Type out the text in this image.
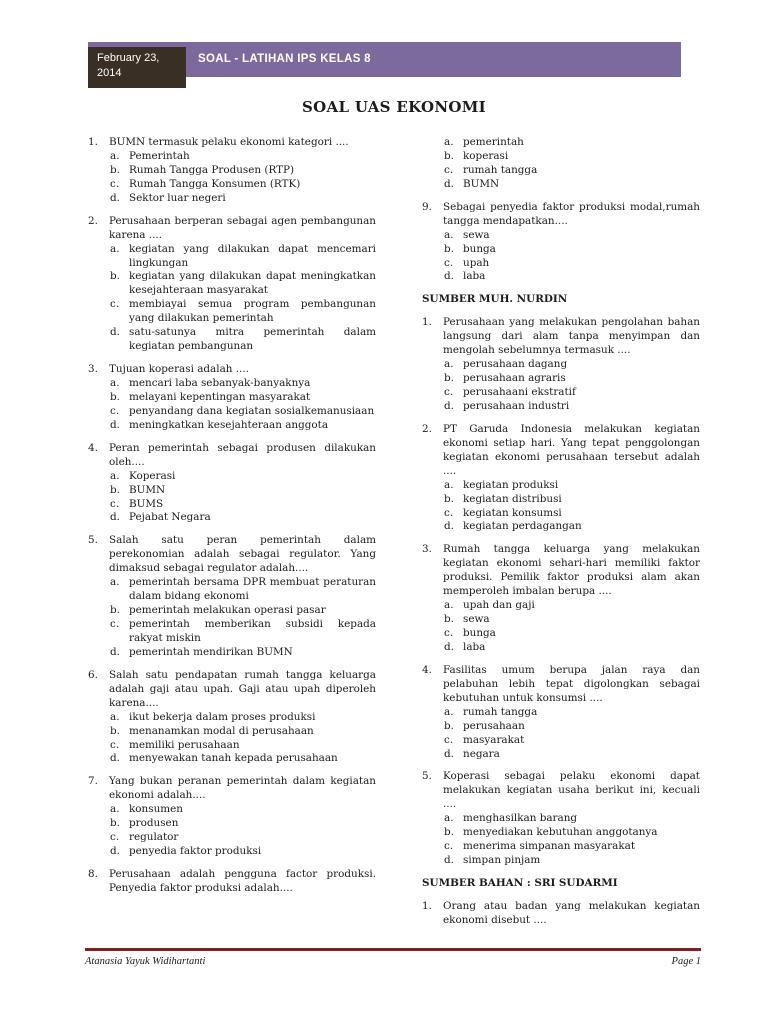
SOAL - LATIHAN IPS KELAS 8
February 23,
2014
SOAL UAS EKONOMI
1.	BUMN termasuk pelaku ekonomi kategori ....
a. Pemerintah
b. Rumah Tangga Produsen (RTP)
c. Rumah Tangga Konsumen (RTK)
d. Sektor luar negeri
2.	Perusahaan berperan sebagai agen pembangunan karena ....
a. kegiatan yang dilakukan dapat mencemari lingkungan
b. kegiatan yang dilakukan dapat meningkatkan kesejahteraan masyarakat
c. membiayai semua program pembangunan yang dilakukan pemerintah
d. satu-satunya mitra pemerintah dalam kegiatan pembangunan
3.	Tujuan koperasi adalah ....
a. mencari laba sebanyak-banyaknya
b. melayani kepentingan masyarakat
c. penyandang dana kegiatan sosialkemanusiaan
d. meningkatkan kesejahteraan anggota
4.	Peran pemerintah sebagai produsen dilakukan oleh....
a. Koperasi
b. BUMN
c. BUMS
d. Pejabat Negara
5.	Salah satu peran pemerintah dalam perekonomian adalah sebagai regulator. Yang dimaksud sebagai regulator adalah....
a. pemerintah bersama DPR membuat peraturan dalam bidang ekonomi
b. pemerintah melakukan operasi pasar
c. pemerintah memberikan subsidi kepada rakyat miskin
d. pemerintah mendirikan BUMN
6.	Salah satu pendapatan rumah tangga keluarga adalah gaji atau upah. Gaji atau upah diperoleh karena....
a. ikut bekerja dalam proses produksi
b. menanamkan modal di perusahaan
c. memiliki perusahaan
d. menyewakan tanah kepada perusahaan
7.	Yang bukan peranan pemerintah dalam kegiatan ekonomi adalah....
a. konsumen
b. produsen
c. regulator
d. penyedia faktor produksi
8.	Perusahaan adalah pengguna factor produksi. Penyedia faktor produksi adalah....
a. pemerintah
b. koperasi
c. rumah tangga
d. BUMN
9.	Sebagai penyedia faktor produksi modal,rumah tangga mendapatkan....
a. sewa
b. bunga
c. upah
d. laba
SUMBER MUH. NURDIN
1.	Perusahaan yang melakukan pengolahan bahan langsung dari alam tanpa menyimpan dan mengolah sebelumnya termasuk ....
a. perusahaan dagang
b. perusahaan agraris
c. perusahaani ekstratif
d. perusahaan industri
2.	PT Garuda Indonesia melakukan kegiatan ekonomi setiap hari. Yang tepat penggolongan kegiatan ekonomi perusahaan tersebut adalah ....
a. kegiatan produksi
b. kegiatan distribusi
c. kegiatan konsumsi
d. kegiatan perdagangan
3.	Rumah tangga keluarga yang melakukan kegiatan ekonomi sehari-hari memiliki faktor produksi. Pemilik faktor produksi alam akan memperoleh imbalan berupa ....
a. upah dan gaji
b. sewa
c. bunga
d. laba
4.	Fasilitas umum berupa jalan raya dan pelabuhan lebih tepat digolongkan sebagai kebutuhan untuk konsumsi ....
a. rumah tangga
b. perusahaan
c. masyarakat
d. negara
5.	Koperasi sebagai pelaku ekonomi dapat melakukan kegiatan usaha berikut ini, kecuali ....
a. menghasilkan barang
b. menyediakan kebutuhan anggotanya
c. menerima simpanan masyarakat
d. simpan pinjam
SUMBER BAHAN : SRI SUDARMI
1.	Orang atau badan yang melakukan kegiatan ekonomi disebut ....
Atanasia Yayuk Widihartanti	Page 1
